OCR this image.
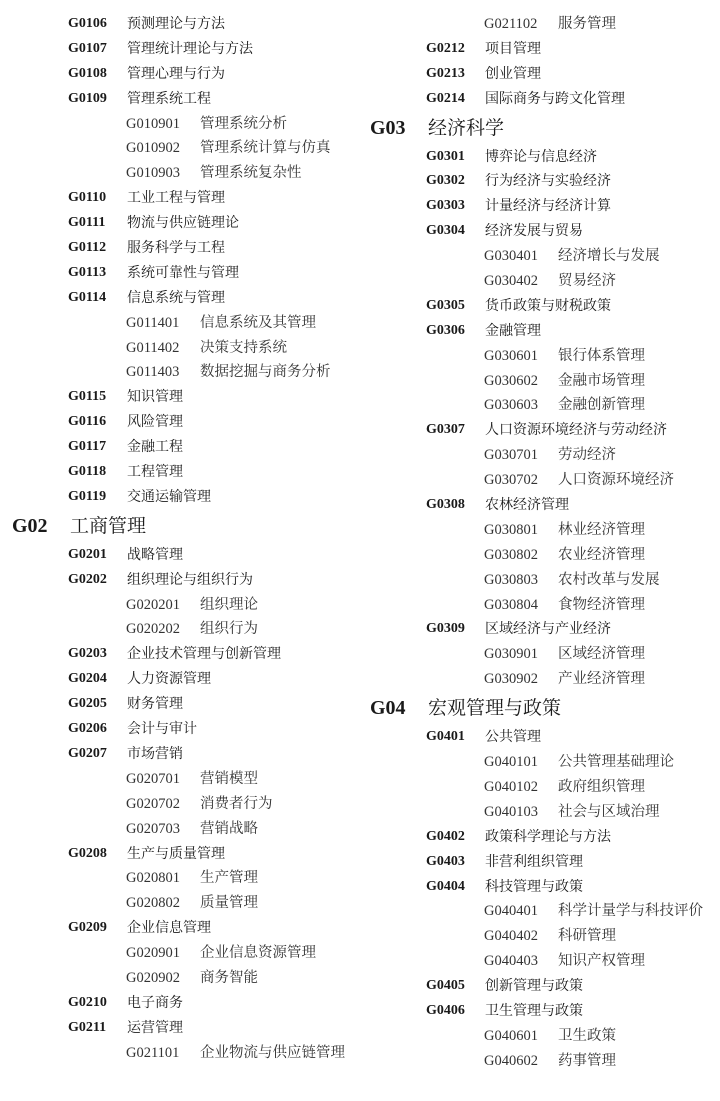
G0106 预测理论与方法
G0107 管理统计理论与方法
G0108 管理心理与行为
G0109 管理系统工程
G010901 管理系统分析
G010902 管理系统计算与仿真
G010903 管理系统复杂性
G0110 工业工程与管理
G0111 物流与供应链理论
G0112 服务科学与工程
G0113 系统可靠性与管理
G0114 信息系统与管理
G011401 信息系统及其管理
G011402 决策支持系统
G011403 数据挖掘与商务分析
G0115 知识管理
G0116 风险管理
G0117 金融工程
G0118 工程管理
G0119 交通运输管理
G02 工商管理
G0201 战略管理
G0202 组织理论与组织行为
G020201 组织理论
G020202 组织行为
G0203 企业技术管理与创新管理
G0204 人力资源管理
G0205 财务管理
G0206 会计与审计
G0207 市场营销
G020701 营销模型
G020702 消费者行为
G020703 营销战略
G0208 生产与质量管理
G020801 生产管理
G020802 质量管理
G0209 企业信息管理
G020901 企业信息资源管理
G020902 商务智能
G0210 电子商务
G0211 运营管理
G021101 企业物流与供应链管理
G021102 服务管理
G0212 项目管理
G0213 创业管理
G0214 国际商务与跨文化管理
G03 经济科学
G0301 博弈论与信息经济
G0302 行为经济与实验经济
G0303 计量经济与经济计算
G0304 经济发展与贸易
G030401 经济增长与发展
G030402 贸易经济
G0305 货币政策与财税政策
G0306 金融管理
G030601 银行体系管理
G030602 金融市场管理
G030603 金融创新管理
G0307 人口资源环境经济与劳动经济
G030701 劳动经济
G030702 人口资源环境经济
G0308 农林经济管理
G030801 林业经济管理
G030802 农业经济管理
G030803 农村改革与发展
G030804 食物经济管理
G0309 区域经济与产业经济
G030901 区域经济管理
G030902 产业经济管理
G04 宏观管理与政策
G0401 公共管理
G040101 公共管理基础理论
G040102 政府组织管理
G040103 社会与区域治理
G0402 政策科学理论与方法
G0403 非营利组织管理
G0404 科技管理与政策
G040401 科学计量学与科技评价
G040402 科研管理
G040403 知识产权管理
G0405 创新管理与政策
G0406 卫生管理与政策
G040601 卫生政策
G040602 药事管理
